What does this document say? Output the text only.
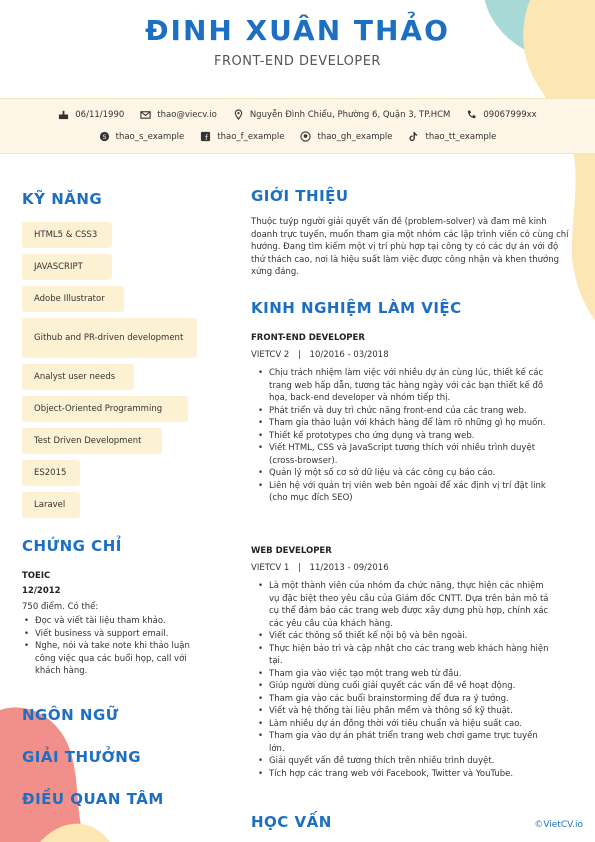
ĐINH XUÂN THẢO
FRONT-END DEVELOPER
06/11/1990	thao@viecv.io	Nguyễn Đình Chiểu, Phường 6, Quận 3, TP.HCM	09067999xx
S thao_s_example	f thao_f_example	thao_gh_example	thao_tt_example
KỸ NĂNG
HTML5 & CSS3
JAVASCRIPT
Adobe Illustrator
Github and PR-driven development
Analyst user needs
Object-Oriented Programming
Test Driven Development
ES2015
Laravel
CHỨNG CHỈ
TOEIC
12/2012
750 điểm. Có thể:
• Đọc và viết tài liệu tham khảo.
• Viết business và support email.
• Nghe, nói và take note khi thảo luận công việc qua các buổi họp, call với khách hàng.
NGÔN NGỮ
GIẢI THƯỞNG
ĐIỀU QUAN TÂM
GIỚI THIỆU
Thuộc tuýp người giải quyết vấn đề (problem-solver) và đam mê kinh doanh trực tuyến, muốn tham gia một nhóm các lập trình viên có cùng chí hướng. Đang tìm kiếm một vị trí phù hợp tại công ty có các dự án với độ thử thách cao, nơi là hiệu suất làm việc được công nhận và khen thưởng xứng đáng.
KINH NGHIỆM LÀM VIỆC
FRONT-END DEVELOPER
VIETCV 2 | 10/2016 - 03/2018
• Chịu trách nhiệm làm việc với nhiều dự án cùng lúc, thiết kế các trang web hấp dẫn, tương tác hàng ngày với các bạn thiết kế đồ họa, back-end developer và nhóm tiếp thị.
• Phát triển và duy trì chức năng front-end của các trang web.
• Tham gia thảo luận với khách hàng để làm rõ những gì họ muốn.
• Thiết kế prototypes cho ứng dụng và trang web.
• Viết HTML, CSS và JavaScript tương thích với nhiều trình duyệt (cross-browser).
• Quản lý một số cơ sở dữ liệu và các công cụ báo cáo.
• Liên hệ với quản trị viên web bên ngoài để xác định vị trí đặt link (cho mục đích SEO)
WEB DEVELOPER
VIETCV 1 | 11/2013 - 09/2016
• Là một thành viên của nhóm đa chức năng, thực hiện các nhiệm vụ đặc biệt theo yêu cầu của Giám đốc CNTT. Dựa trên bản mô tả cụ thể đảm bảo các trang web được xây dựng phù hợp, chính xác các yêu cầu của khách hàng.
• Viết các thông số thiết kế nội bộ và bên ngoài.
• Thực hiện bảo trì và cập nhật cho các trang web khách hàng hiện tại.
• Tham gia vào việc tạo một trang web từ đầu.
• Giúp người dùng cuối giải quyết các vấn đề về hoạt động.
• Tham gia vào các buổi brainstorming để đưa ra ý tưởng.
• Viết và hệ thống tài liệu phần mềm và thông số kỹ thuật.
• Làm nhiều dự án đồng thời với tiêu chuẩn và hiệu suất cao.
• Tham gia vào dự án phát triển trang web chơi game trực tuyến lớn.
• Giải quyết vấn đề tương thích trên nhiều trình duyệt.
• Tích hợp các trang web với Facebook, Twitter và YouTube.
HỌC VẤN	©VietCV.io
